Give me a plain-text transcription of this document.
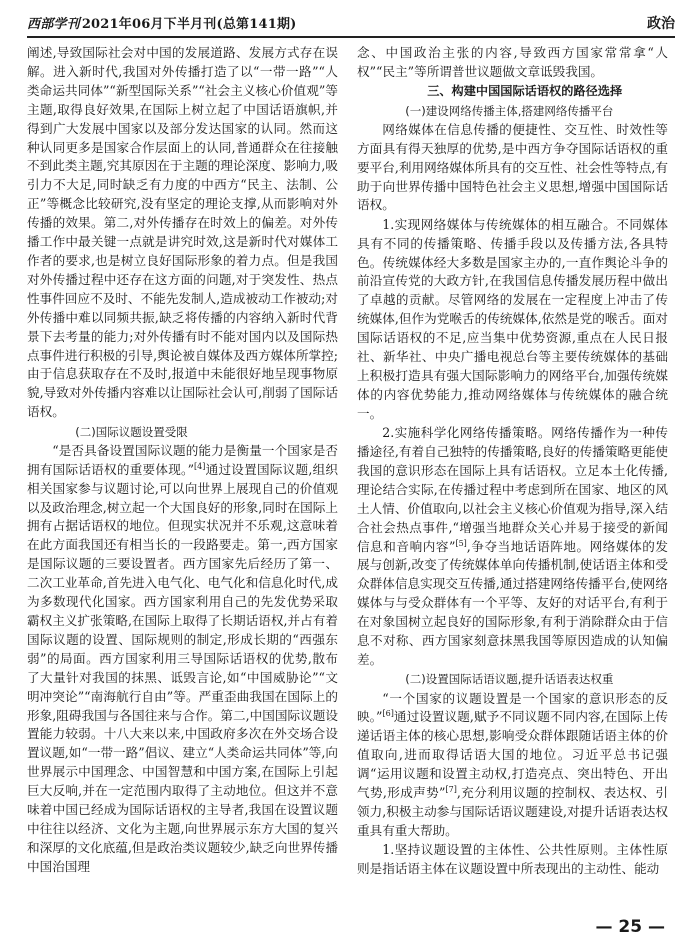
西部学刊 2021年06月下半月刊(总第141期)	政治

阐述,导致国际社会对中国的发展道路、发展方式存在误解。进入新时代,我国对外传播打造了以“一带一路”“人类命运共同体”“新型国际关系”“社会主义核心价值观”等主题,取得良好效果,在国际上树立起了中国话语旗帜,并得到广大发展中国家以及部分发达国家的认同。然而这种认同更多是国家合作层面上的认同,普通群众在往接触不到此类主题,究其原因在于主题的理论深度、影响力,吸引力不大足,同时缺乏有力度的中西方“民主、法制、公正”等概念比较研究,没有坚定的理论支撑,从而影响对外传播的效果。第二,对外传播存在时效上的偏差。对外传播工作中最关键一点就是讲究时效,这是新时代对媒体工作者的要求,也是树立良好国际形象的着力点。但是我国对外传播过程中还存在这方面的问题,对于突发性、热点性事件回应不及时、不能先发制人,造成被动工作被动;对外传播中难以同频共振,缺乏将传播的内容纳入新时代背景下去考量的能力;对外传播有时不能对国内以及国际热点事件进行积极的引导,舆论被自媒体及西方媒体所掌控;由于信息获取存在不及时,报道中未能很好地呈现事物原貌,导致对外传播内容难以让国际社会认可,削弱了国际话语权。

(二)国际议题设置受限

“是否具备设置国际议题的能力是衡量一个国家是否拥有国际话语权的重要体现。”[4]通过设置国际议题,组织相关国家参与议题讨论,可以向世界上展现自己的价值观以及政治理念,树立起一个大国良好的形象,同时在国际上拥有占据话语权的地位。但现实状况并不乐观,这意味着在此方面我国还有相当长的一段路要走。第一,西方国家是国际议题的三要设置者。西方国家先后经历了第一、二次工业革命,首先进入电气化、电气化和信息化时代,成为多数现代化国家。西方国家利用自己的先发优势采取霸权主义扩张策略,在国际上取得了长期话语权,并占有着国际议题的设置、国际规则的制定,形成长期的“西强东弱”的局面。西方国家利用三导国际话语权的优势,散布了大量针对我国的抹黑、诋毁言论,如“中国威胁论”“文明冲突论”“南海航行自由”等。严重歪曲我国在国际上的形象,阻碍我国与各国往来与合作。第二,中国国际议题设置能力较弱。十八大来以来,中国政府多次在外交场合设置议题,如“一带一路”倡议、建立“人类命运共同体”等,向世界展示中国理念、中国智慧和中国方案,在国际上引起巨大反响,并在一定范围内取得了主动地位。但这并不意味着中国已经成为国际话语权的主导者,我国在设置议题中往往以经济、文化为主题,向世界展示东方大国的复兴和深厚的文化底蕴,但是政治类议题较少,缺乏向世界传播中国治国理

念、中国政治主张的内容,导致西方国家常常拿“人权”“民主”等所谓普世议题做文章诋毁我国。

三、构建中国国际话语权的路径选择

(一)建设网络传播主体,搭建网络传播平台

网络媒体在信息传播的便捷性、交互性、时效性等方面具有得天独厚的优势,是中西方争夺国际话语权的重要平台,利用网络媒体所具有的交互性、社会性等特点,有助于向世界传播中国特色社会主义思想,增强中国国际话语权。

1.实现网络媒体与传统媒体的相互融合。不同媒体具有不同的传播策略、传播手段以及传播方法,各具特色。传统媒体经大多数是国家主办的,一直作舆论斗争的前沿宣传党的大政方针,在我国信息传播发展历程中做出了卓越的贡献。尽管网络的发展在一定程度上冲击了传统媒体,但作为党喉舌的传统媒体,依然是党的喉舌。面对国际话语权的不足,应当集中优势资源,重点在人民日报社、新华社、中央广播电视总台等主要传统媒体的基础上积极打造具有强大国际影响力的网络平台,加强传统媒体的内容优势能力,推动网络媒体与传统媒体的融合统一。

2.实施科学化网络传播策略。网络传播作为一种传播途径,有着自己独特的传播策略,良好的传播策略更能使我国的意识形态在国际上具有话语权。立足本土化传播,理论结合实际,在传播过程中考虑到所在国家、地区的风土人情、价值取向,以社会主义核心价值观为指导,深入结合社会热点事件,“增强当地群众关心并易于接受的新闻信息和音响内容”[5],争夺当地话语阵地。网络媒体的发展与创新,改变了传统媒体单向传播机制,使话语主体和受众群体信息实现交互传播,通过搭建网络传播平台,使网络媒体与与受众群体有一个平等、友好的对话平台,有利于在对象国树立起良好的国际形象,有利于消除群众由于信息不对称、西方国家刻意抹黑我国等原因造成的认知偏差。

(二)设置国际话语议题,提升话语表达权重

“一个国家的议题设置是一个国家的意识形态的反映。”[6]通过设置议题,赋予不同议题不同内容,在国际上传递话语主体的核心思想,影响受众群体跟随话语主体的价值取向,进而取得话语大国的地位。习近平总书记强调“运用议题和设置主动权,打造亮点、突出特色、开出气势,形成声势”[7],充分利用议题的控制权、表达权、引领力,积极主动参与国际话语议题建设,对提升话语表达权重具有重大帮助。

1.坚持议题设置的主体性、公共性原则。主体性原则是指话语主体在议题设置中所表现出的主动性、能动

— 25 —
